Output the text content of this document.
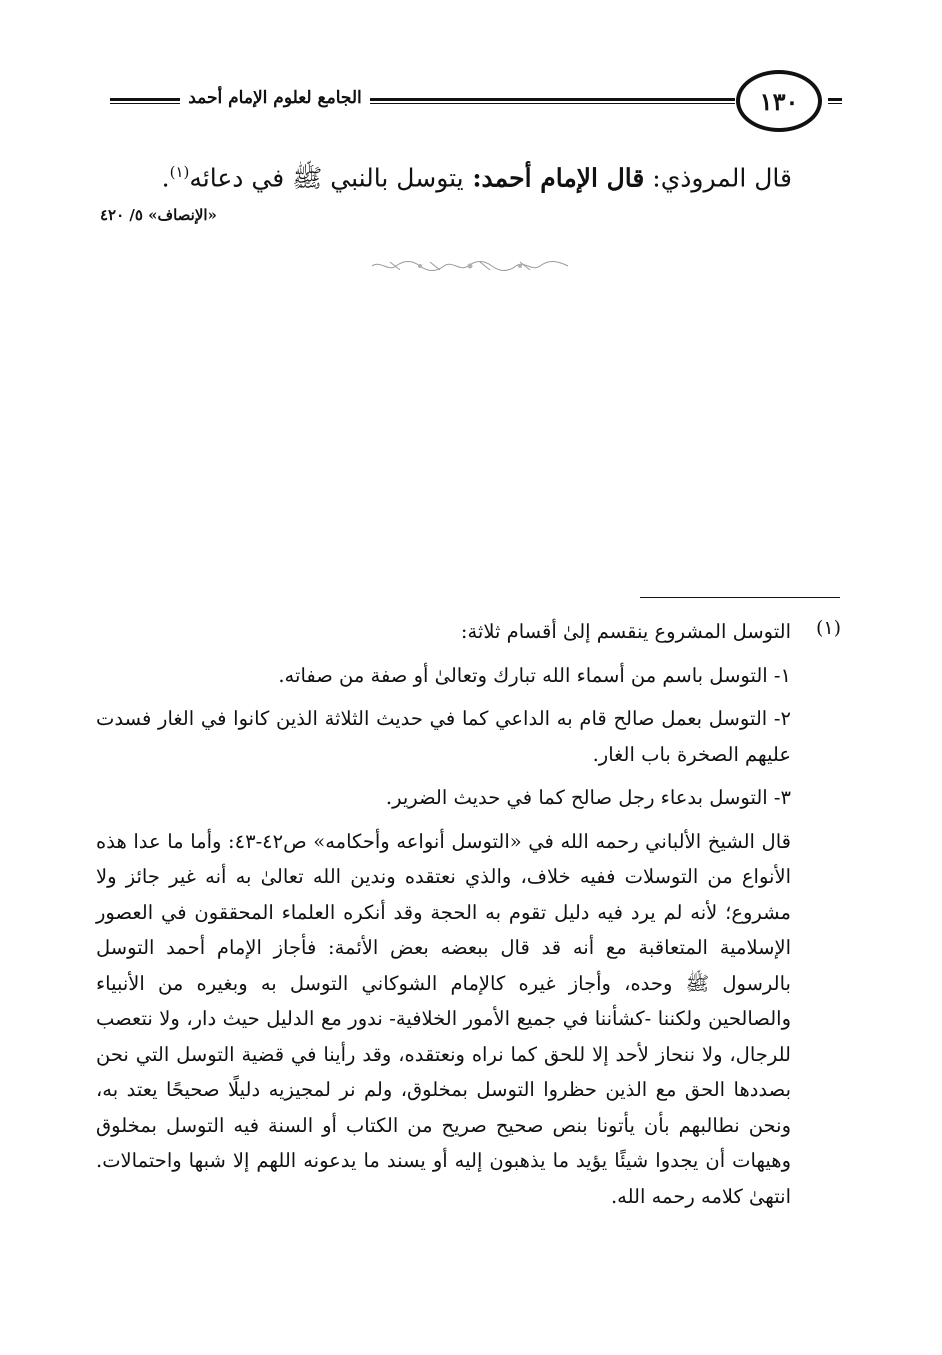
الجامع لعلوم الإمام أحمد	١٣٠
قال المروذي: قال الإمام أحمد: يتوسل بالنبي ﷺ في دعائه$^{(١)}$.
«الإنصاف» ٥/ ٤٢٠
(١)

التوسل المشروع ينقسم إلىٰ أقسام ثلاثة:

١- التوسل باسم من أسماء الله تبارك وتعالىٰ أو صفة من صفاته.

٢- التوسل بعمل صالح قام به الداعي كما في حديث الثلاثة الذين كانوا في الغار فسدت عليهم الصخرة باب الغار.

٣- التوسل بدعاء رجل صالح كما في حديث الضرير.

قال الشيخ الألباني رحمه الله في «التوسل أنواعه وأحكامه» ص٤٢-٤٣: وأما ما عدا هذه الأنواع من التوسلات ففيه خلاف، والذي نعتقده وندين الله تعالىٰ به أنه غير جائز ولا مشروع؛ لأنه لم يرد فيه دليل تقوم به الحجة وقد أنكره العلماء المحققون في العصور الإسلامية المتعاقبة مع أنه قد قال ببعضه بعض الأئمة: فأجاز الإمام أحمد التوسل بالرسول ﷺ وحده، وأجاز غيره كالإمام الشوكاني التوسل به وبغيره من الأنبياء والصالحين ولكننا -كشأننا في جميع الأمور الخلافية- ندور مع الدليل حيث دار، ولا نتعصب للرجال، ولا ننحاز لأحد إلا للحق كما نراه ونعتقده، وقد رأينا في قضية التوسل التي نحن بصددها الحق مع الذين حظروا التوسل بمخلوق، ولم نر لمجيزيه دليلًا صحيحًا يعتد به، ونحن نطالبهم بأن يأتونا بنص صحيح صريح من الكتاب أو السنة فيه التوسل بمخلوق وهيهات أن يجدوا شيئًا يؤيد ما يذهبون إليه أو يسند ما يدعونه اللهم إلا شبها واحتمالات. انتهىٰ كلامه رحمه الله.
